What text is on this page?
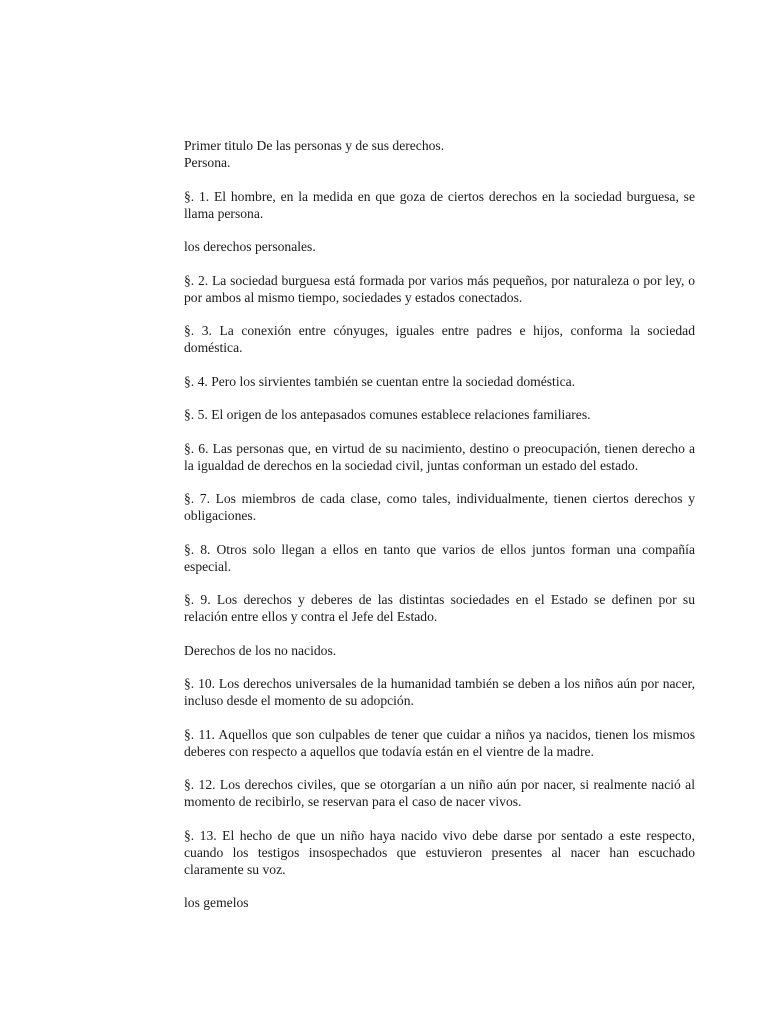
Primer titulo De las personas y de sus derechos.

Persona.

§. 1. El hombre, en la medida en que goza de ciertos derechos en la sociedad burguesa, se llama persona.

los derechos personales.

§. 2. La sociedad burguesa está formada por varios más pequeños, por naturaleza o por ley, o por ambos al mismo tiempo, sociedades y estados conectados.

§. 3. La conexión entre cónyuges, iguales entre padres e hijos, conforma la sociedad doméstica.

§. 4. Pero los sirvientes también se cuentan entre la sociedad doméstica.

§. 5. El origen de los antepasados comunes establece relaciones familiares.

§. 6. Las personas que, en virtud de su nacimiento, destino o preocupación, tienen derecho a la igualdad de derechos en la sociedad civil, juntas conforman un estado del estado.

§. 7. Los miembros de cada clase, como tales, individualmente, tienen ciertos derechos y obligaciones.

§. 8. Otros solo llegan a ellos en tanto que varios de ellos juntos forman una compañía especial.

§. 9. Los derechos y deberes de las distintas sociedades en el Estado se definen por su relación entre ellos y contra el Jefe del Estado.

Derechos de los no nacidos.

§. 10. Los derechos universales de la humanidad también se deben a los niños aún por nacer, incluso desde el momento de su adopción.

§. 11. Aquellos que son culpables de tener que cuidar a niños ya nacidos, tienen los mismos deberes con respecto a aquellos que todavía están en el vientre de la madre.

§. 12. Los derechos civiles, que se otorgarían a un niño aún por nacer, si realmente nació al momento de recibirlo, se reservan para el caso de nacer vivos.

§. 13. El hecho de que un niño haya nacido vivo debe darse por sentado a este respecto, cuando los testigos insospechados que estuvieron presentes al nacer han escuchado claramente su voz.

los gemelos
